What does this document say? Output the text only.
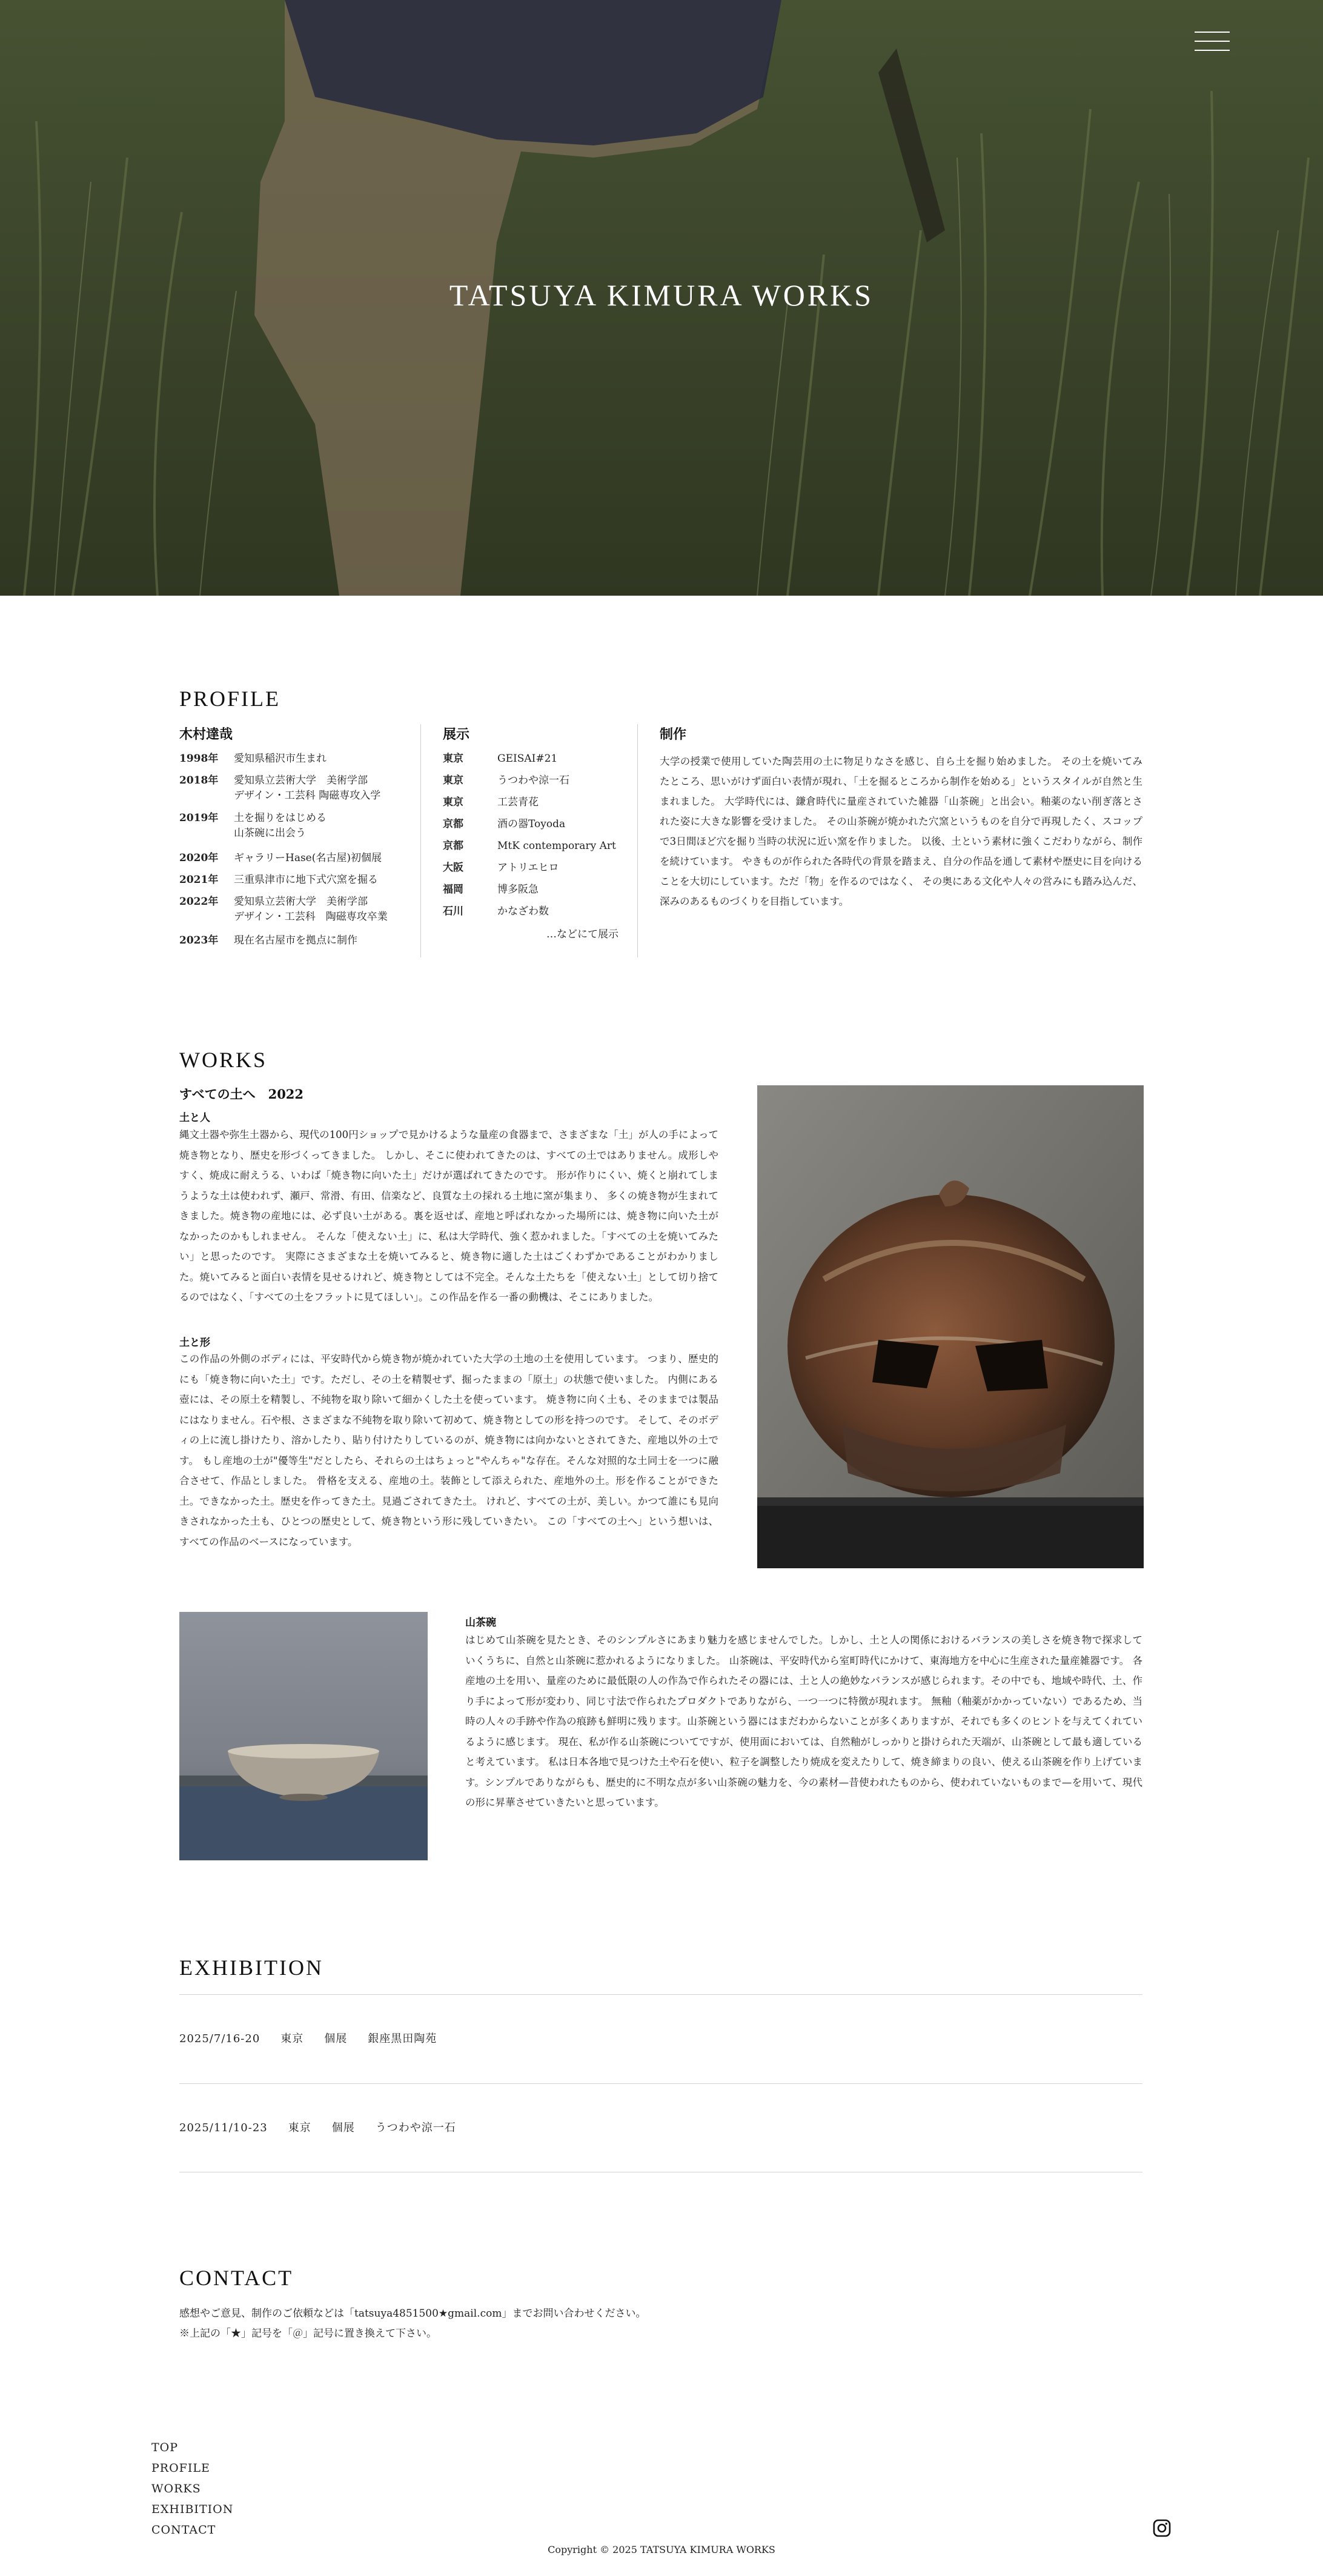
TATSUYA KIMURA WORKS
PROFILE
木村達哉
1998年	愛知県稲沢市生まれ
2018年	愛知県立芸術大学　美術学部
デザイン・工芸科 陶磁専攻入学
2019年	土を掘りをはじめる
山茶碗に出会う
2020年	ギャラリーHase(名古屋)初個展
2021年	三重県津市に地下式穴窯を掘る
2022年	愛知県立芸術大学　美術学部
デザイン・工芸科　陶磁専攻卒業
2023年	現在名古屋市を拠点に制作
展示
東京	GEISAI#21
東京	うつわや涼一石
東京	工芸青花
京都	酒の器Toyoda
京都	MtK contemporary Art
大阪	アトリエヒロ
福岡	博多阪急
石川	かなざわ数
…などにて展示
制作
大学の授業で使用していた陶芸用の土に物足りなさを感じ、自ら土を掘り始めました。 その土を焼いてみたところ、思いがけず面白い表情が現れ、「土を掘るところから制作を始める」というスタイルが自然と生まれました。 大学時代には、鎌倉時代に量産されていた雑器「山茶碗」と出会い。釉薬のない削ぎ落とされた姿に大きな影響を受けました。 その山茶碗が焼かれた穴窯というものを自分で再現したく、スコップで3日間ほど穴を掘り当時の状況に近い窯を作りました。 以後、土という素材に強くこだわりながら、制作を続けています。 やきものが作られた各時代の背景を踏まえ、自分の作品を通して素材や歴史に目を向けることを大切にしています。ただ「物」を作るのではなく、 その奥にある文化や人々の営みにも踏み込んだ、深みのあるものづくりを目指しています。
WORKS
すべての土へ　2022
土と人
縄文土器や弥生土器から、現代の100円ショップで見かけるような量産の食器まで、さまざまな「土」が人の手によって焼き物となり、歴史を形づくってきました。 しかし、そこに使われてきたのは、すべての土ではありません。成形しやすく、焼成に耐えうる、いわば「焼き物に向いた土」だけが選ばれてきたのです。 形が作りにくい、焼くと崩れてしまうような土は使われず、瀬戸、常滑、有田、信楽など、良質な土の採れる土地に窯が集まり、 多くの焼き物が生まれてきました。焼き物の産地には、必ず良い土がある。裏を返せば、産地と呼ばれなかった場所には、焼き物に向いた土がなかったのかもしれません。 そんな「使えない土」に、私は大学時代、強く惹かれました。「すべての土を焼いてみたい」と思ったのです。 実際にさまざまな土を焼いてみると、焼き物に適した土はごくわずかであることがわかりました。焼いてみると面白い表情を見せるけれど、焼き物としては不完全。そんな土たちを「使えない土」として切り捨てるのではなく、「すべての土をフラットに見てほしい」。この作品を作る一番の動機は、そこにありました。
土と形
この作品の外側のボディには、平安時代から焼き物が焼かれていた大学の土地の土を使用しています。 つまり、歴史的にも「焼き物に向いた土」です。ただし、その土を精製せず、掘ったままの「原土」の状態で使いました。 内側にある壺には、その原土を精製し、不純物を取り除いて細かくした土を使っています。 焼き物に向く土も、そのままでは製品にはなりません。石や根、さまざまな不純物を取り除いて初めて、焼き物としての形を持つのです。 そして、そのボディの上に流し掛けたり、溶かしたり、貼り付けたりしているのが、焼き物には向かないとされてきた、産地以外の土です。 もし産地の土が"優等生"だとしたら、それらの土はちょっと"やんちゃ"な存在。そんな対照的な土同士を一つに融合させて、作品としました。 骨格を支える、産地の土。装飾として添えられた、産地外の土。形を作ることができた土。できなかった土。歴史を作ってきた土。見過ごされてきた土。 けれど、すべての土が、美しい。かつて誰にも見向きされなかった土も、ひとつの歴史として、焼き物という形に残していきたい。 この「すべての土へ」という想いは、すべての作品のベースになっています。
山茶碗
はじめて山茶碗を見たとき、そのシンプルさにあまり魅力を感じませんでした。しかし、土と人の関係におけるバランスの美しさを焼き物で探求していくうちに、自然と山茶碗に惹かれるようになりました。 山茶碗は、平安時代から室町時代にかけて、東海地方を中心に生産された量産雑器です。 各産地の土を用い、量産のために最低限の人の作為で作られたその器には、土と人の絶妙なバランスが感じられます。その中でも、地域や時代、土、作り手によって形が変わり、同じ寸法で作られたプロダクトでありながら、一つ一つに特徴が現れます。 無釉（釉薬がかかっていない）であるため、当時の人々の手跡や作為の痕跡も鮮明に残ります。山茶碗という器にはまだわからないことが多くありますが、それでも多くのヒントを与えてくれているように感じます。 現在、私が作る山茶碗についてですが、使用面においては、自然釉がしっかりと掛けられた天端が、山茶碗として最も適していると考えています。 私は日本各地で見つけた土や石を使い、粒子を調整したり焼成を変えたりして、焼き締まりの良い、使える山茶碗を作り上げています。シンプルでありながらも、歴史的に不明な点が多い山茶碗の魅力を、今の素材—昔使われたものから、使われていないものまで—を用いて、現代の形に昇華させていきたいと思っています。
EXHIBITION
2025/7/16-20 東京 個展 銀座黒田陶苑
2025/11/10-23 東京 個展 うつわや涼一石
CONTACT
感想やご意見、制作のご依頼などは「tatsuya4851500★gmail.com」までお問い合わせください。
※上記の「★」記号を「＠」記号に置き換えて下さい。
TOP
PROFILE
WORKS
EXHIBITION
CONTACT
Copyright © 2025 TATSUYA KIMURA WORKS
